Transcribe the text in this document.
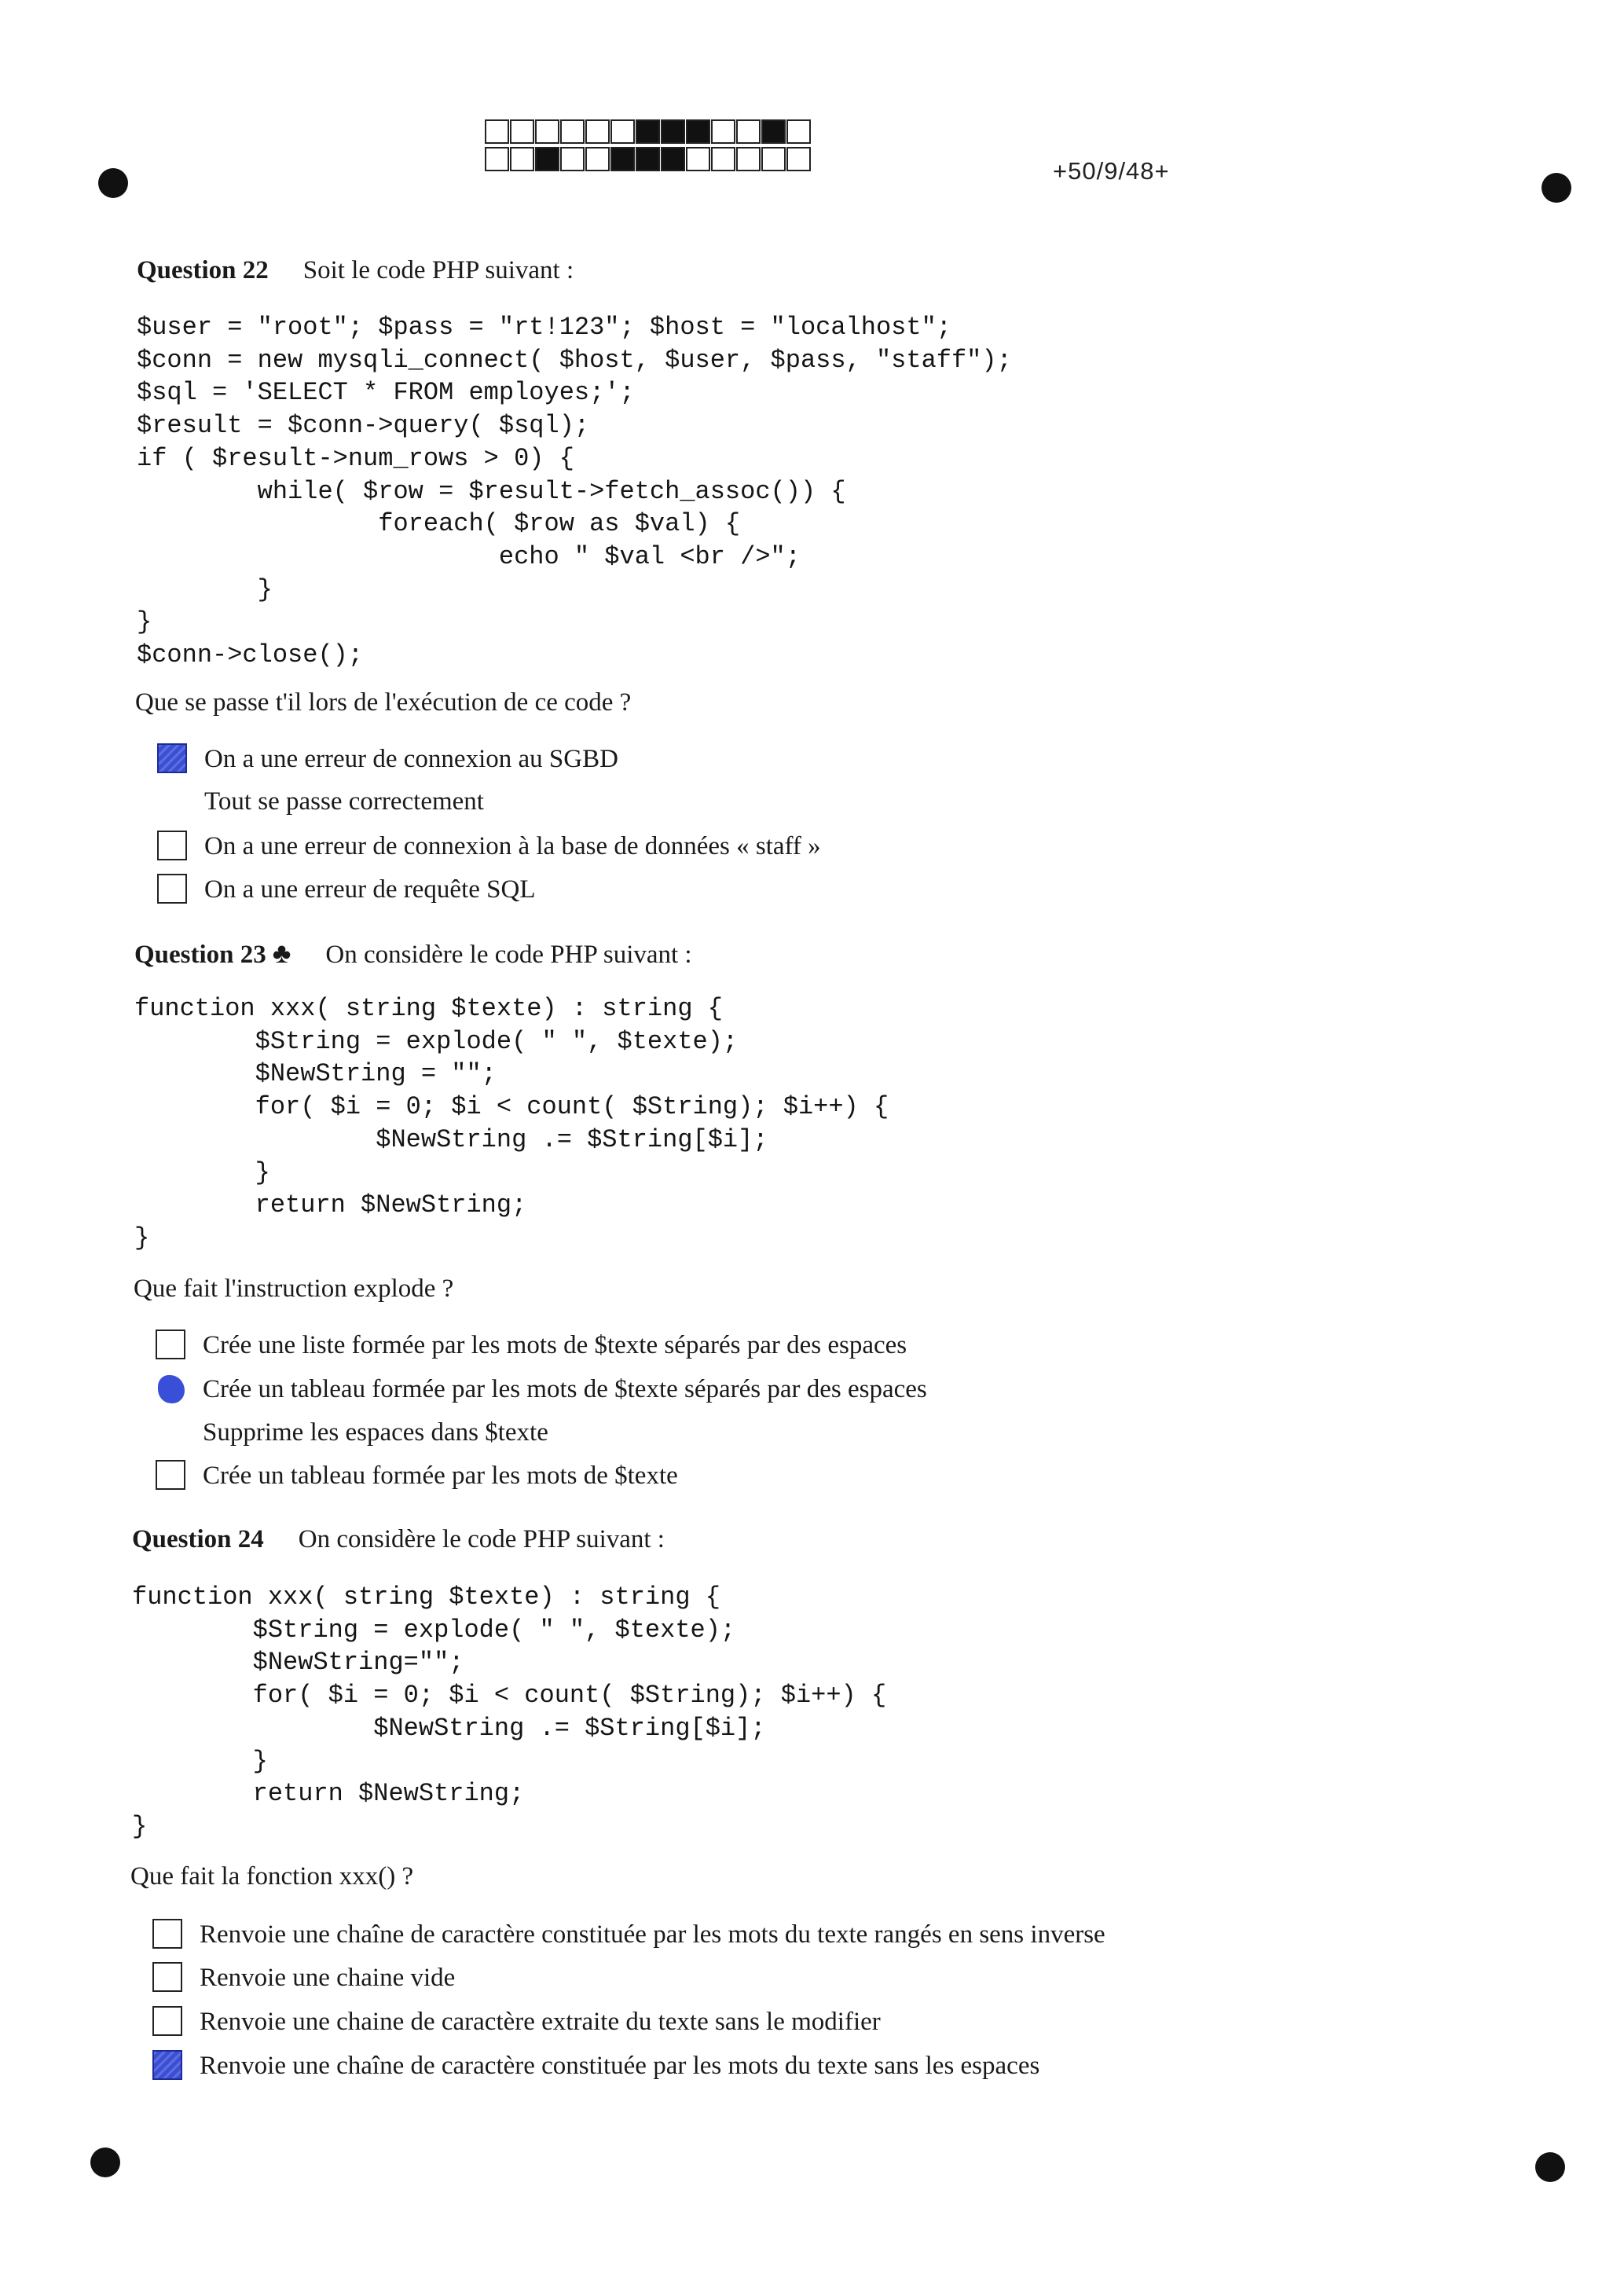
+50/9/48+
Question 22 Soit le code PHP suivant :
$user = "root"; $pass = "rt!123"; $host = "localhost";
$conn = new mysqli_connect( $host, $user, $pass, "staff");
$sql = 'SELECT * FROM employes;';
$result = $conn->query( $sql);
if ( $result->num_rows > 0) {
while( $row = $result->fetch_assoc()) {
foreach( $row as $val) {
echo " $val <br />";
}
}
$conn->close();
Que se passe t'il lors de l'exécution de ce code ?
On a une erreur de connexion au SGBD
Tout se passe correctement
On a une erreur de connexion à la base de données « staff »
On a une erreur de requête SQL
Question 23 ♣ On considère le code PHP suivant :
function xxx( string $texte) : string {
$String = explode( " ", $texte);
$NewString = "";
for( $i = 0; $i < count( $String); $i++) {
$NewString .= $String[$i];
}
return $NewString;
}
Que fait l'instruction explode ?
Crée une liste formée par les mots de $texte séparés par des espaces
Crée un tableau formée par les mots de $texte séparés par des espaces
Supprime les espaces dans $texte
Crée un tableau formée par les mots de $texte
Question 24 On considère le code PHP suivant :
function xxx( string $texte) : string {
$String = explode( " ", $texte);
$NewString="";
for( $i = 0; $i < count( $String); $i++) {
$NewString .= $String[$i];
}
return $NewString;
}
Que fait la fonction xxx() ?
Renvoie une chaîne de caractère constituée par les mots du texte rangés en sens inverse
Renvoie une chaine vide
Renvoie une chaine de caractère extraite du texte sans le modifier
Renvoie une chaîne de caractère constituée par les mots du texte sans les espaces
